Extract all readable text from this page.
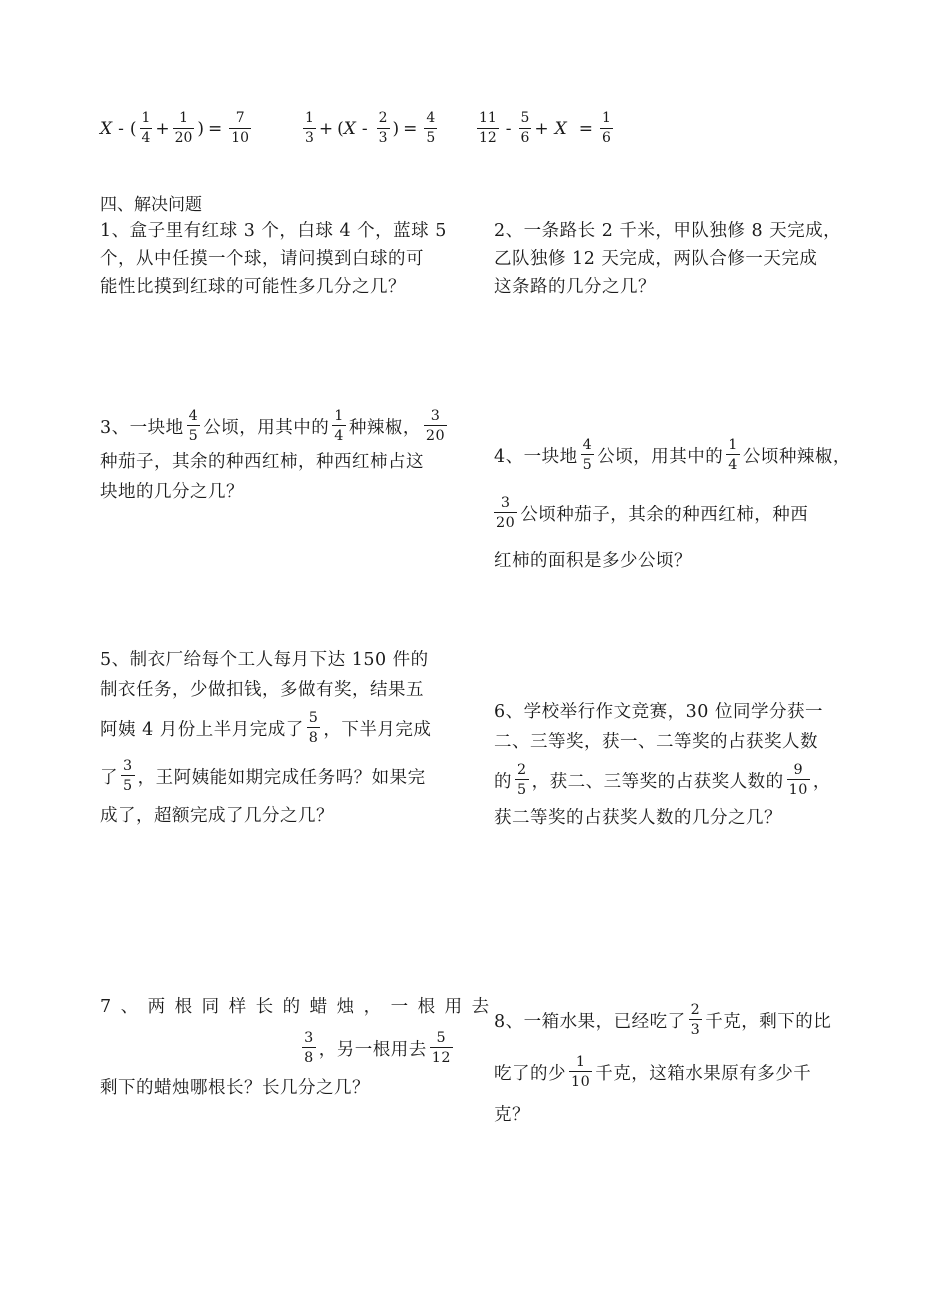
X - ( $\frac{1}{4} + \frac{1}{20}$ ) = $\frac{7}{10}$	$\frac{1}{3}$ + ( X - $\frac{2}{3}$ ) = $\frac{4}{5}$	$\frac{11}{12} - \frac{5}{6} + X = \frac{1}{6}$
四、解决问题
1、盒子里有红球 3 个，白球 4 个，蓝球 5
个，从中任摸一个球，请问摸到白球的可
能性比摸到红球的可能性多几分之几？
2、一条路长 2 千米，甲队独修 8 天完成，
乙队独修 12 天完成，两队合修一天完成
这条路的几分之几？
3、一块地 $\frac{4}{5}$ 公顷，用其中的 $\frac{1}{4}$ 种辣椒， $\frac{3}{20}$
种茄子，其余的种西红柿，种西红柿占这
块地的几分之几？
4、一块地 $\frac{4}{5}$ 公顷，用其中的 $\frac{1}{4}$ 公顷种辣椒，
$\frac{3}{20}$ 公顷种茄子，其余的种西红柿，种西
红柿的面积是多少公顷？
5、制衣厂给每个工人每月下达 150 件的
制衣任务，少做扣钱，多做有奖，结果五
阿姨 4 月份上半月完成了 $\frac{5}{8}$ ，下半月完成
了 $\frac{3}{5}$ ，王阿姨能如期完成任务吗？如果完
成了，超额完成了几分之几？
6、学校举行作文竞赛，30 位同学分获一
二、三等奖，获一、二等奖的占获奖人数
的 $\frac{2}{5}$ ，获二、三等奖的占获奖人数的 $\frac{9}{10}$ ，
获二等奖的占获奖人数的几分之几？
7、两根同样长的蜡烛，一根用去
$\frac{3}{8}$ ，另一根用去 $\frac{5}{12}$
剩下的蜡烛哪根长？长几分之几？
8、一箱水果，已经吃了 $\frac{2}{3}$ 千克，剩下的比
吃了的少 $\frac{1}{10}$ 千克，这箱水果原有多少千
克？
